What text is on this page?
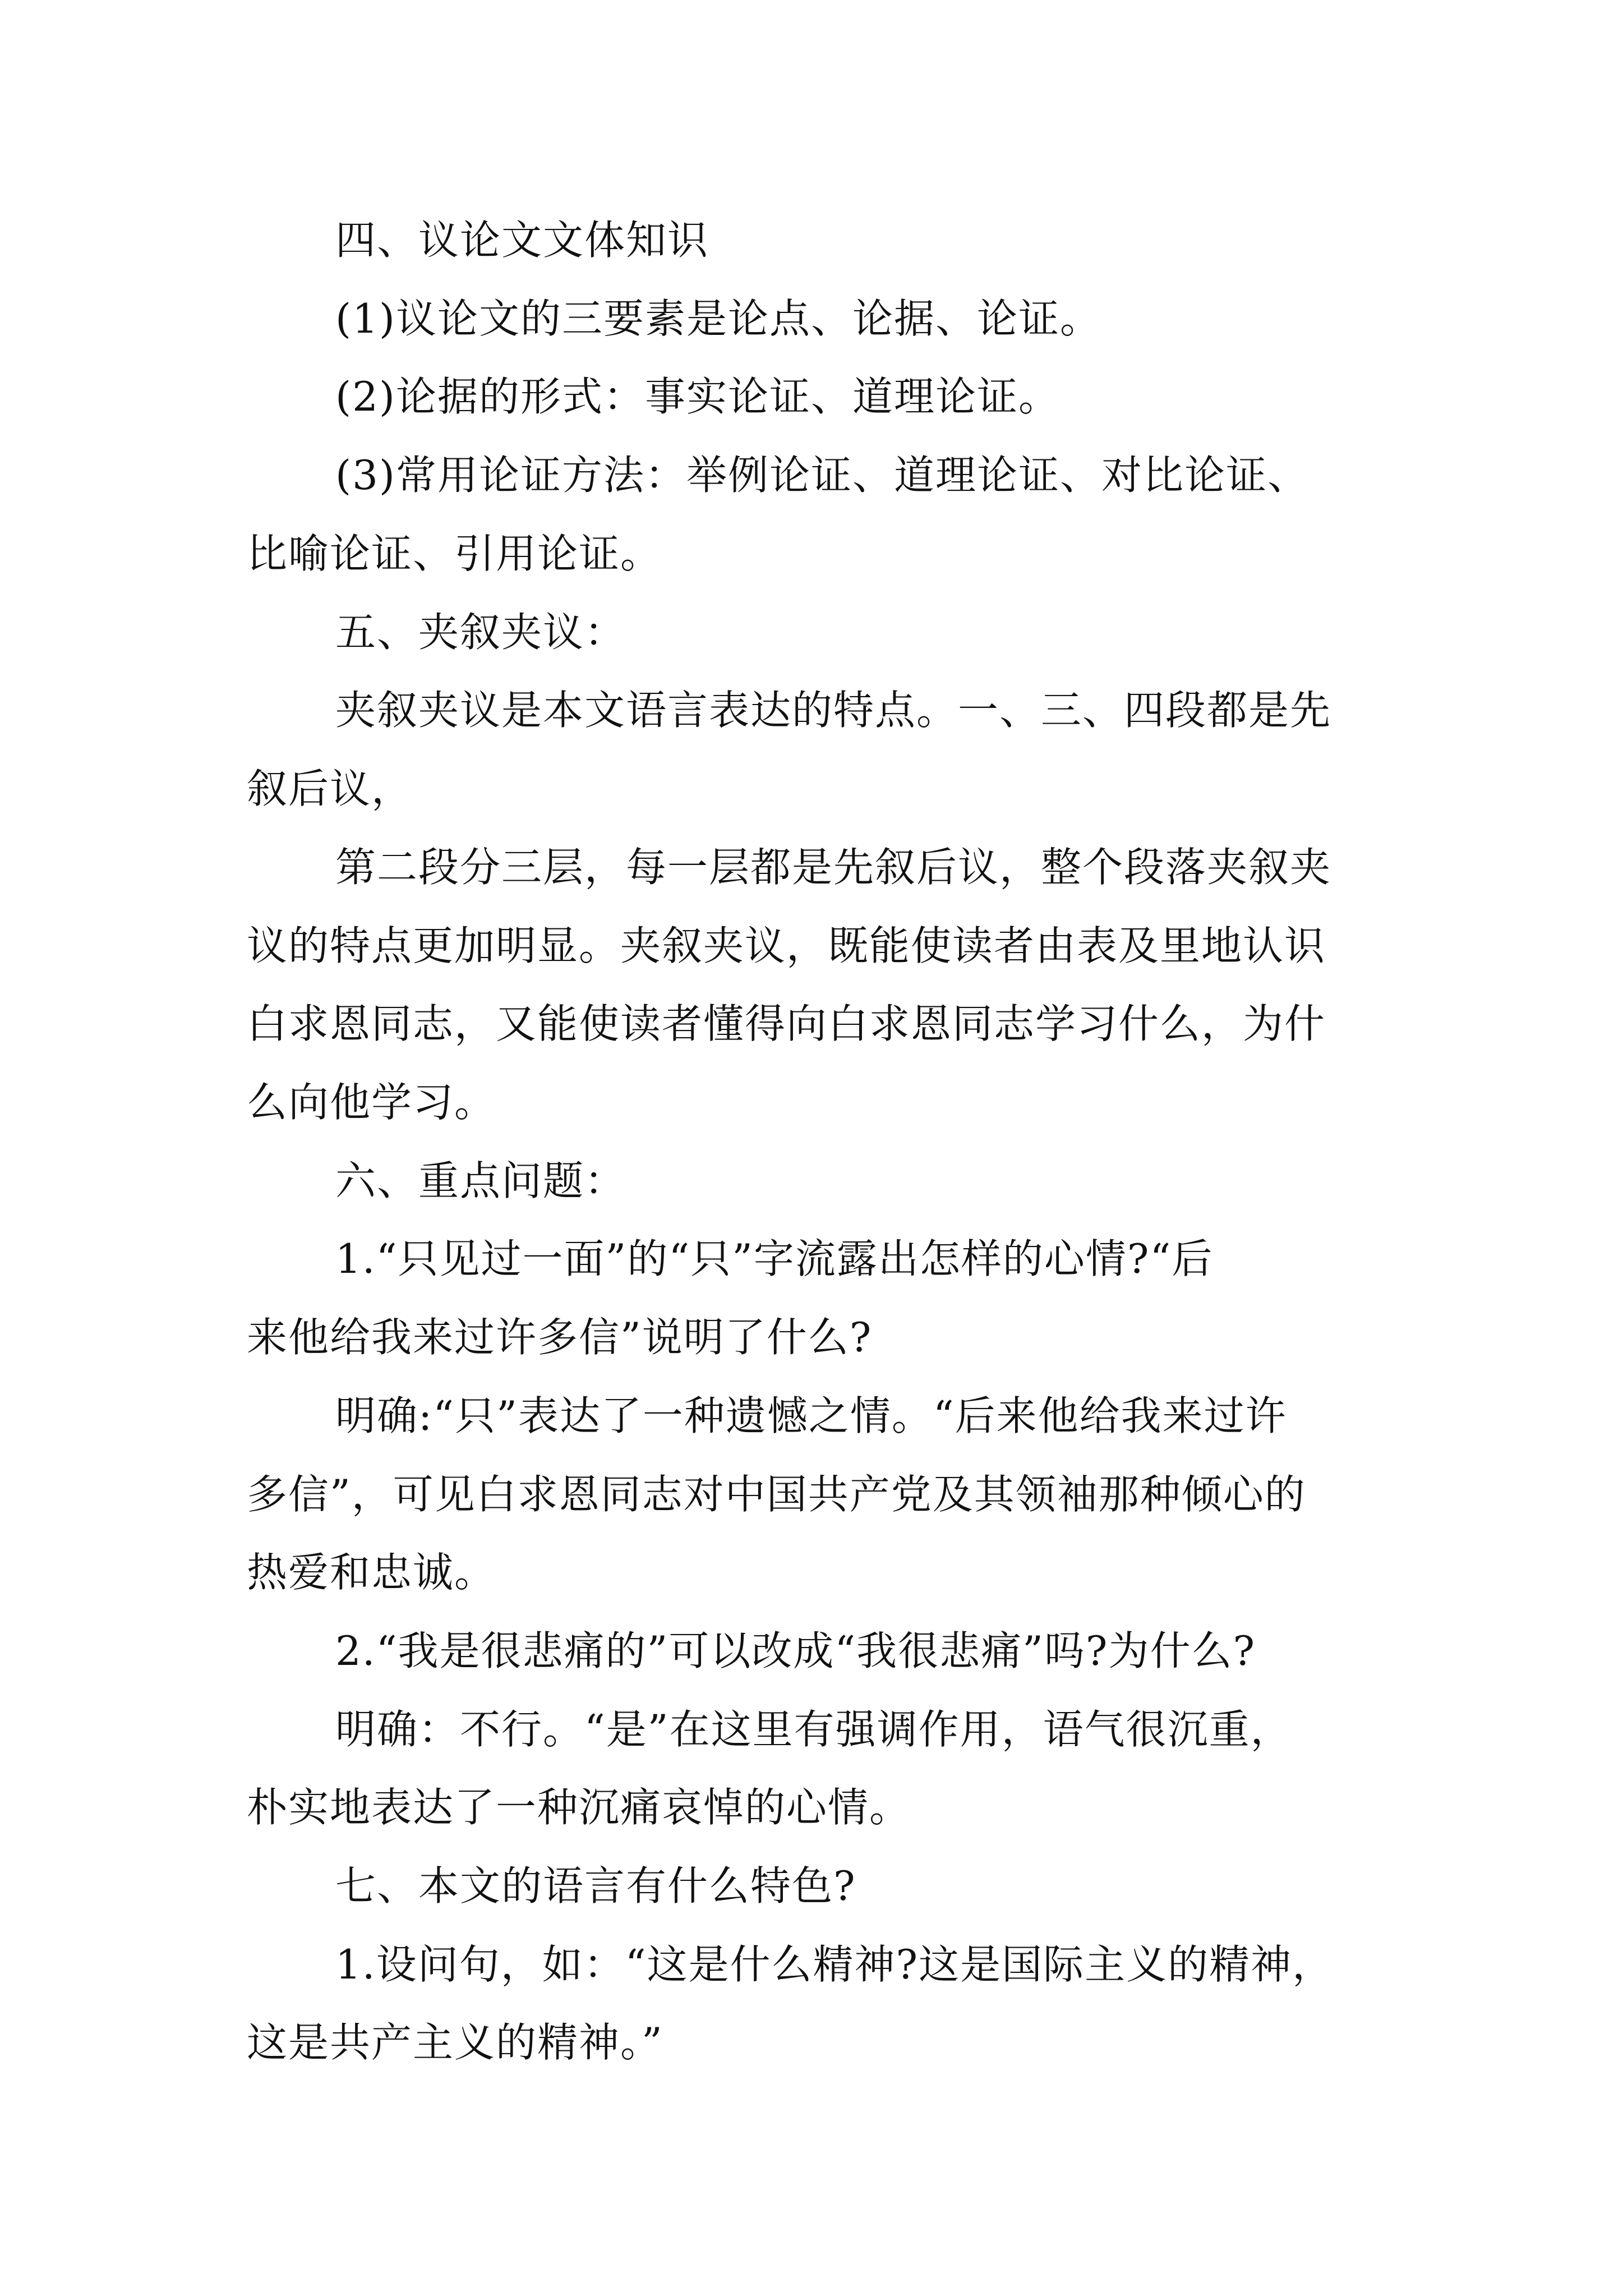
四、议论文文体知识
(1)议论文的三要素是论点、论据、论证。
(2)论据的形式：事实论证、道理论证。
(3)常用论证方法：举例论证、道理论证、对比论证、
比喻论证、引用论证。
五、夹叙夹议：
夹叙夹议是本文语言表达的特点。一、三、四段都是先
叙后议，
第二段分三层，每一层都是先叙后议，整个段落夹叙夹
议的特点更加明显。夹叙夹议，既能使读者由表及里地认识
白求恩同志，又能使读者懂得向白求恩同志学习什么，为什
么向他学习。
六、重点问题：
1.“只见过一面”的“只”字流露出怎样的心情?“后
来他给我来过许多信”说明了什么?
明确:“只”表达了一种遗憾之情。“后来他给我来过许
多信”，可见白求恩同志对中国共产党及其领袖那种倾心的
热爱和忠诚。
2.“我是很悲痛的”可以改成“我很悲痛”吗?为什么?
明确：不行。“是”在这里有强调作用，语气很沉重，
朴实地表达了一种沉痛哀悼的心情。
七、本文的语言有什么特色?
1.设问句，如：“这是什么精神?这是国际主义的精神，
这是共产主义的精神。”
